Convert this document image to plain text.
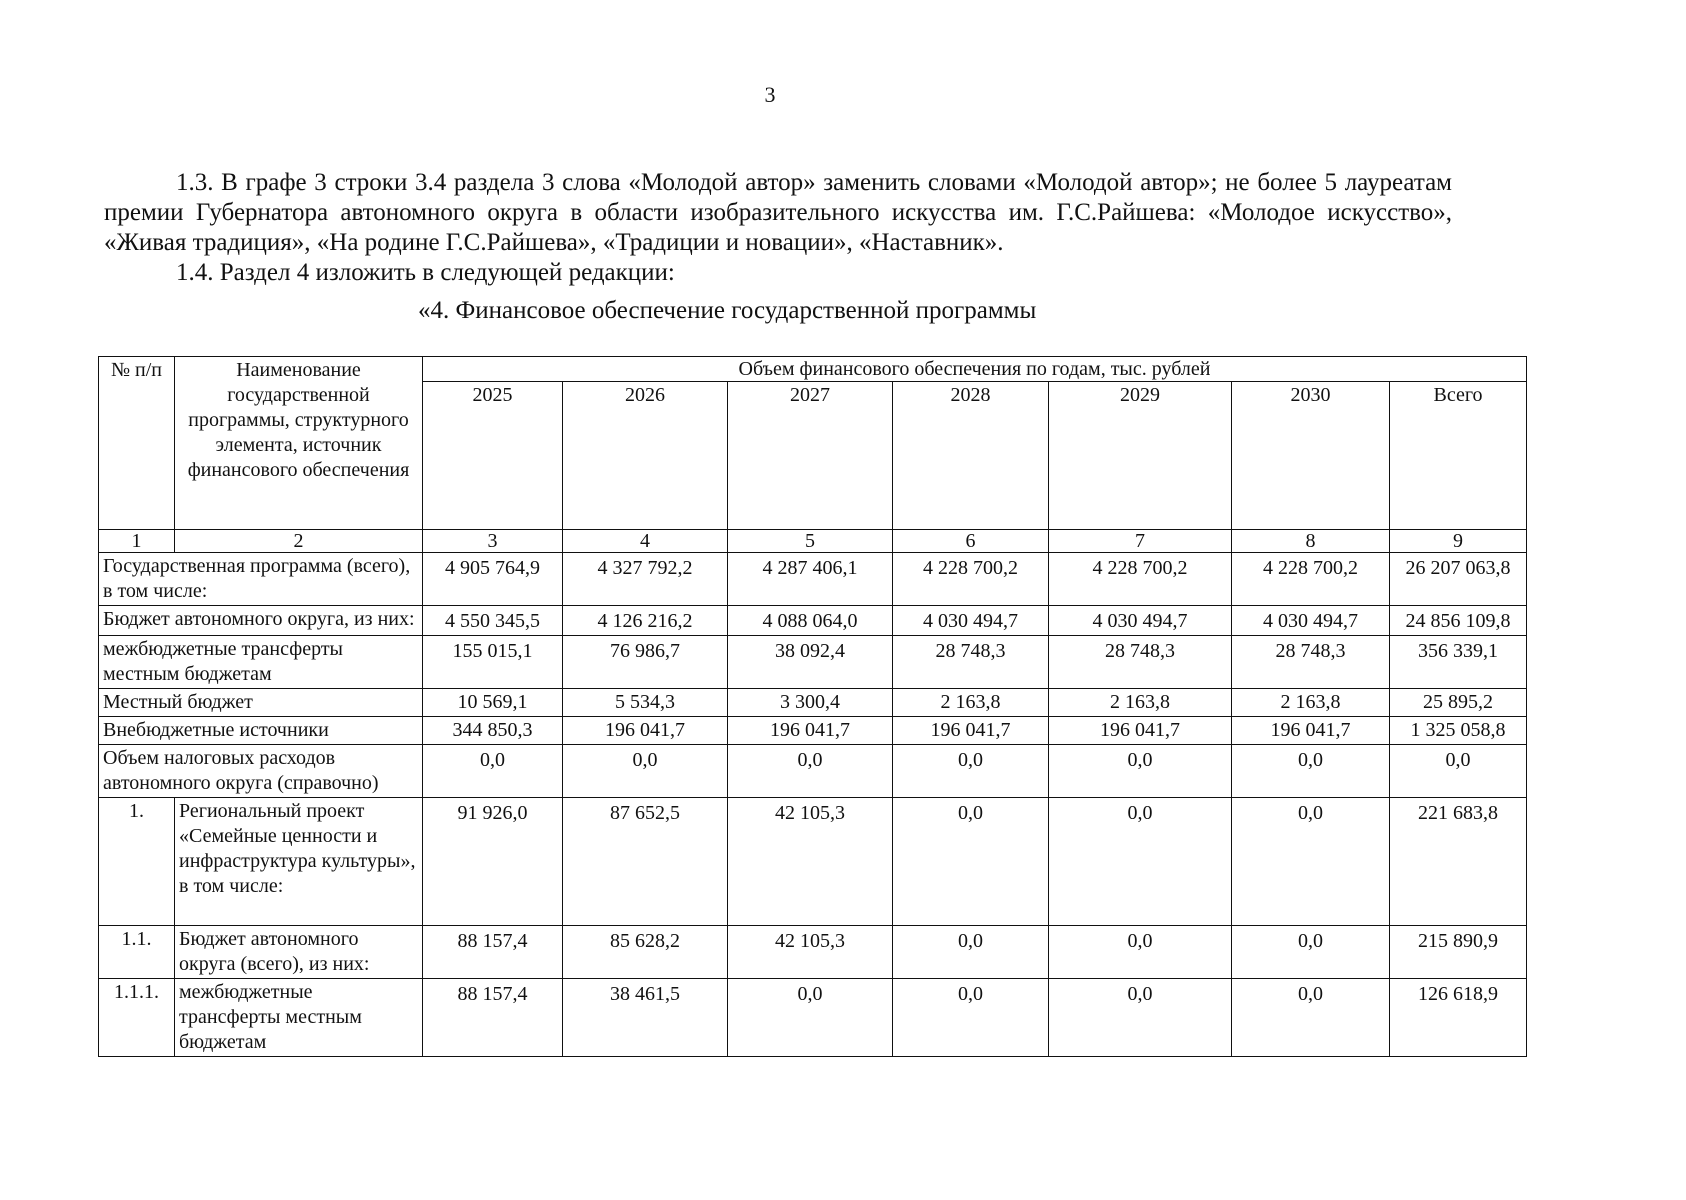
3

1.3. В графе 3 строки 3.4 раздела 3 слова «Молодой автор» заменить словами «Молодой автор»; не более 5 лауреатам премии Губернатора автономного округа в области изобразительного искусства им. Г.С.Райшева: «Молодое искусство», «Живая традиция», «На родине Г.С.Райшева», «Традиции и новации», «Наставник».

1.4. Раздел 4 изложить в следующей редакции:

«4. Финансовое обеспечение государственной программы
№ п/п	Наименование государственной программы, структурного элемента, источник финансового обеспечения	Объем финансового обеспечения по годам, тыс. рублей						
		2025	2026	2027	2028	2029	2030	Всего
1	2	3	4	5	6	7	8	9
Государственная программа (всего), в том числе:		4 905 764,9	4 327 792,2	4 287 406,1	4 228 700,2	4 228 700,2	4 228 700,2	26 207 063,8
Бюджет автономного округа, из них:		4 550 345,5	4 126 216,2	4 088 064,0	4 030 494,7	4 030 494,7	4 030 494,7	24 856 109,8
межбюджетные трансферты местным бюджетам		155 015,1	76 986,7	38 092,4	28 748,3	28 748,3	28 748,3	356 339,1
Местный бюджет		10 569,1	5 534,3	3 300,4	2 163,8	2 163,8	2 163,8	25 895,2
Внебюджетные источники		344 850,3	196 041,7	196 041,7	196 041,7	196 041,7	196 041,7	1 325 058,8
Объем налоговых расходов автономного округа (справочно)		0,0	0,0	0,0	0,0	0,0	0,0	0,0
1.	Региональный проект «Семейные ценности и инфраструктура культуры», в том числе:	91 926,0	87 652,5	42 105,3	0,0	0,0	0,0	221 683,8
1.1.	Бюджет автономного округа (всего), из них:	88 157,4	85 628,2	42 105,3	0,0	0,0	0,0	215 890,9
1.1.1.	межбюджетные трансферты местным бюджетам	88 157,4	38 461,5	0,0	0,0	0,0	0,0	126 618,9
